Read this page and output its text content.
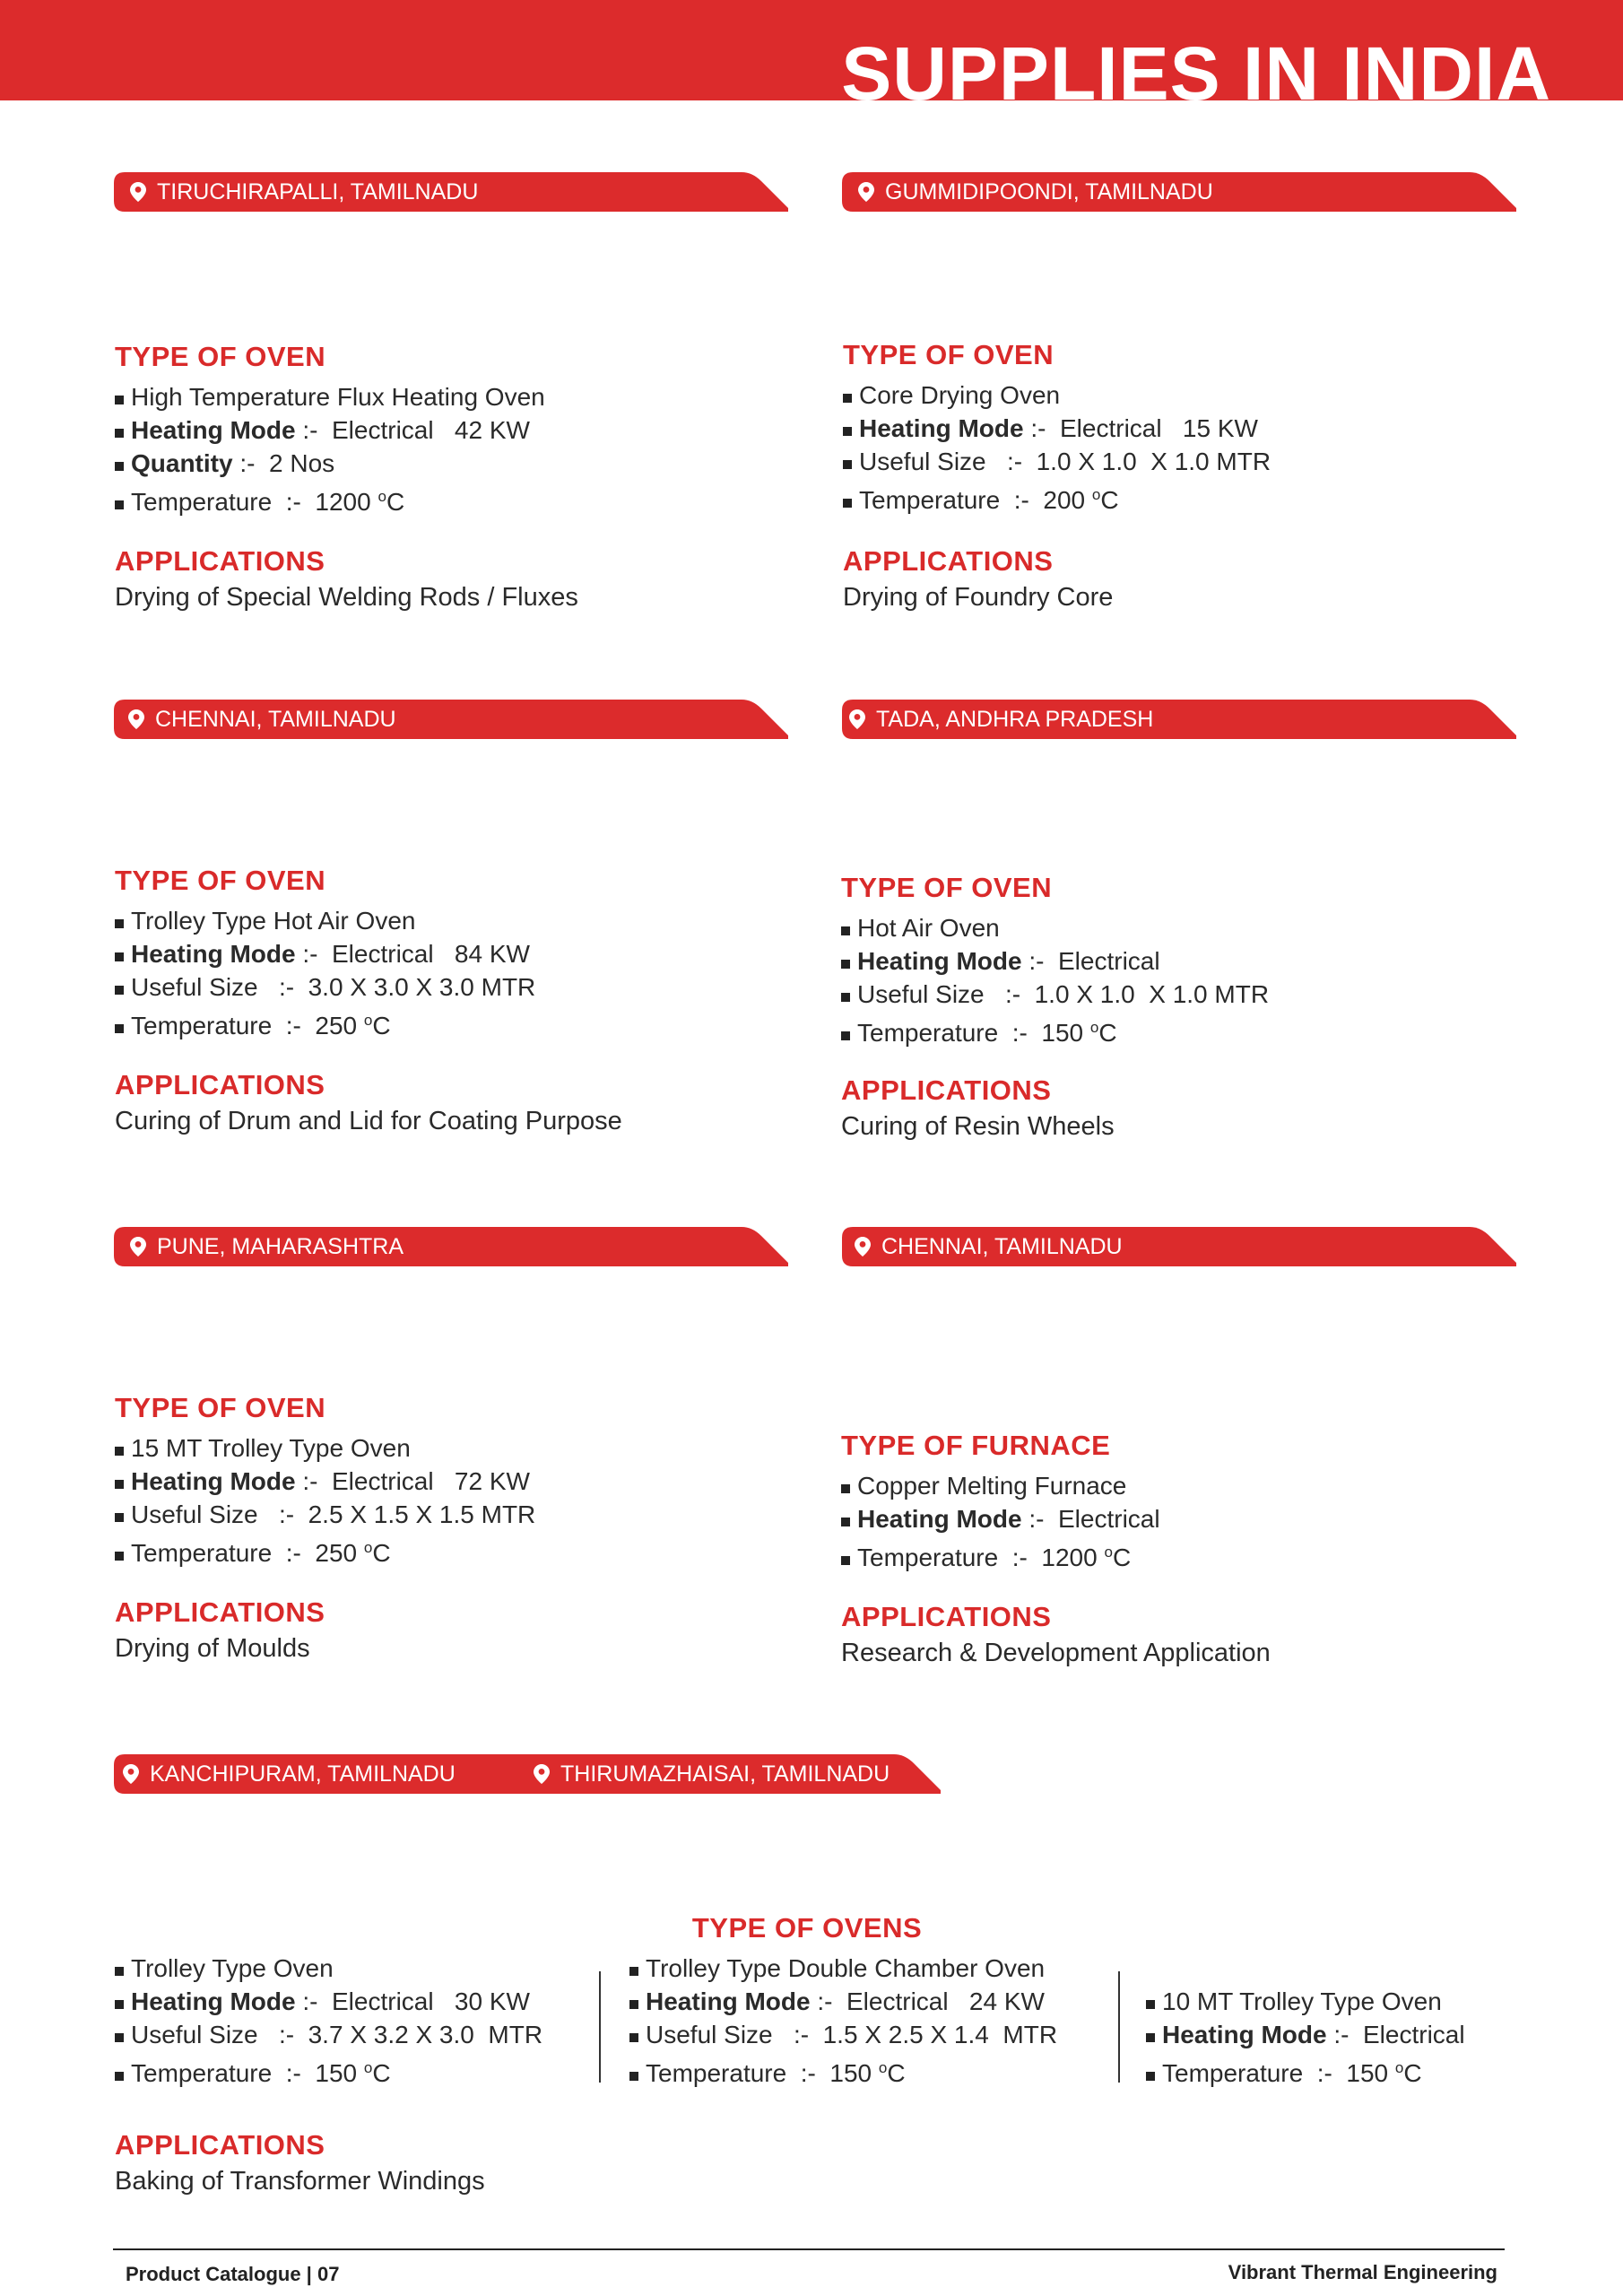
SUPPLIES IN INDIA
TIRUCHIRAPALLI, TAMILNADU	GUMMIDIPOONDI, TAMILNADU
CHENNAI, TAMILNADU	TADA, ANDHRA PRADESH
PUNE, MAHARASHTRA	CHENNAI, TAMILNADU
KANCHIPURAM, TAMILNADU	THIRUMAZHAISAI, TAMILNADU

TYPE OF OVEN

High Temperature Flux Heating Oven
Heating Mode :-  Electrical   42 KW
Quantity :-  2 Nos
Temperature  :-  1200 $^o$C

APPLICATIONS

Drying of Special Welding Rods / Fluxes

TYPE OF OVEN

Core Drying Oven
Heating Mode :-  Electrical   15 KW
Useful Size   :-  1.0 X 1.0  X 1.0 MTR
Temperature  :-  200 $^o$C

APPLICATIONS

Drying of Foundry Core

TYPE OF OVEN

Trolley Type Hot Air Oven
Heating Mode :-  Electrical   84 KW
Useful Size   :-  3.0 X 3.0 X 3.0 MTR
Temperature  :-  250 $^o$C

APPLICATIONS

Curing of Drum and Lid for Coating Purpose

TYPE OF OVEN

Hot Air Oven
Heating Mode :-  Electrical
Useful Size   :-  1.0 X 1.0  X 1.0 MTR
Temperature  :-  150 $^o$C

APPLICATIONS

Curing of Resin Wheels

TYPE OF OVEN

15 MT Trolley Type Oven
Heating Mode :-  Electrical   72 KW
Useful Size   :-  2.5 X 1.5 X 1.5 MTR
Temperature  :-  250 $^o$C

APPLICATIONS

Drying of Moulds

TYPE OF FURNACE

Copper Melting Furnace
Heating Mode :-  Electrical
Temperature  :-  1200 $^o$C

APPLICATIONS

Research & Development Application

TYPE OF OVENS

Trolley Type Oven
Heating Mode :-  Electrical   30 KW
Useful Size   :-  3.7 X 3.2 X 3.0  MTR
Temperature  :-  150 $^o$C
Trolley Type Double Chamber Oven
Heating Mode :-  Electrical   24 KW
Useful Size   :-  1.5 X 2.5 X 1.4  MTR
Temperature  :-  150 $^o$C
10 MT Trolley Type Oven
Heating Mode :-  Electrical
Temperature  :-  150 $^o$C

APPLICATIONS

Baking of Transformer Windings

Product Catalogue | 07	Vibrant Thermal Engineering
